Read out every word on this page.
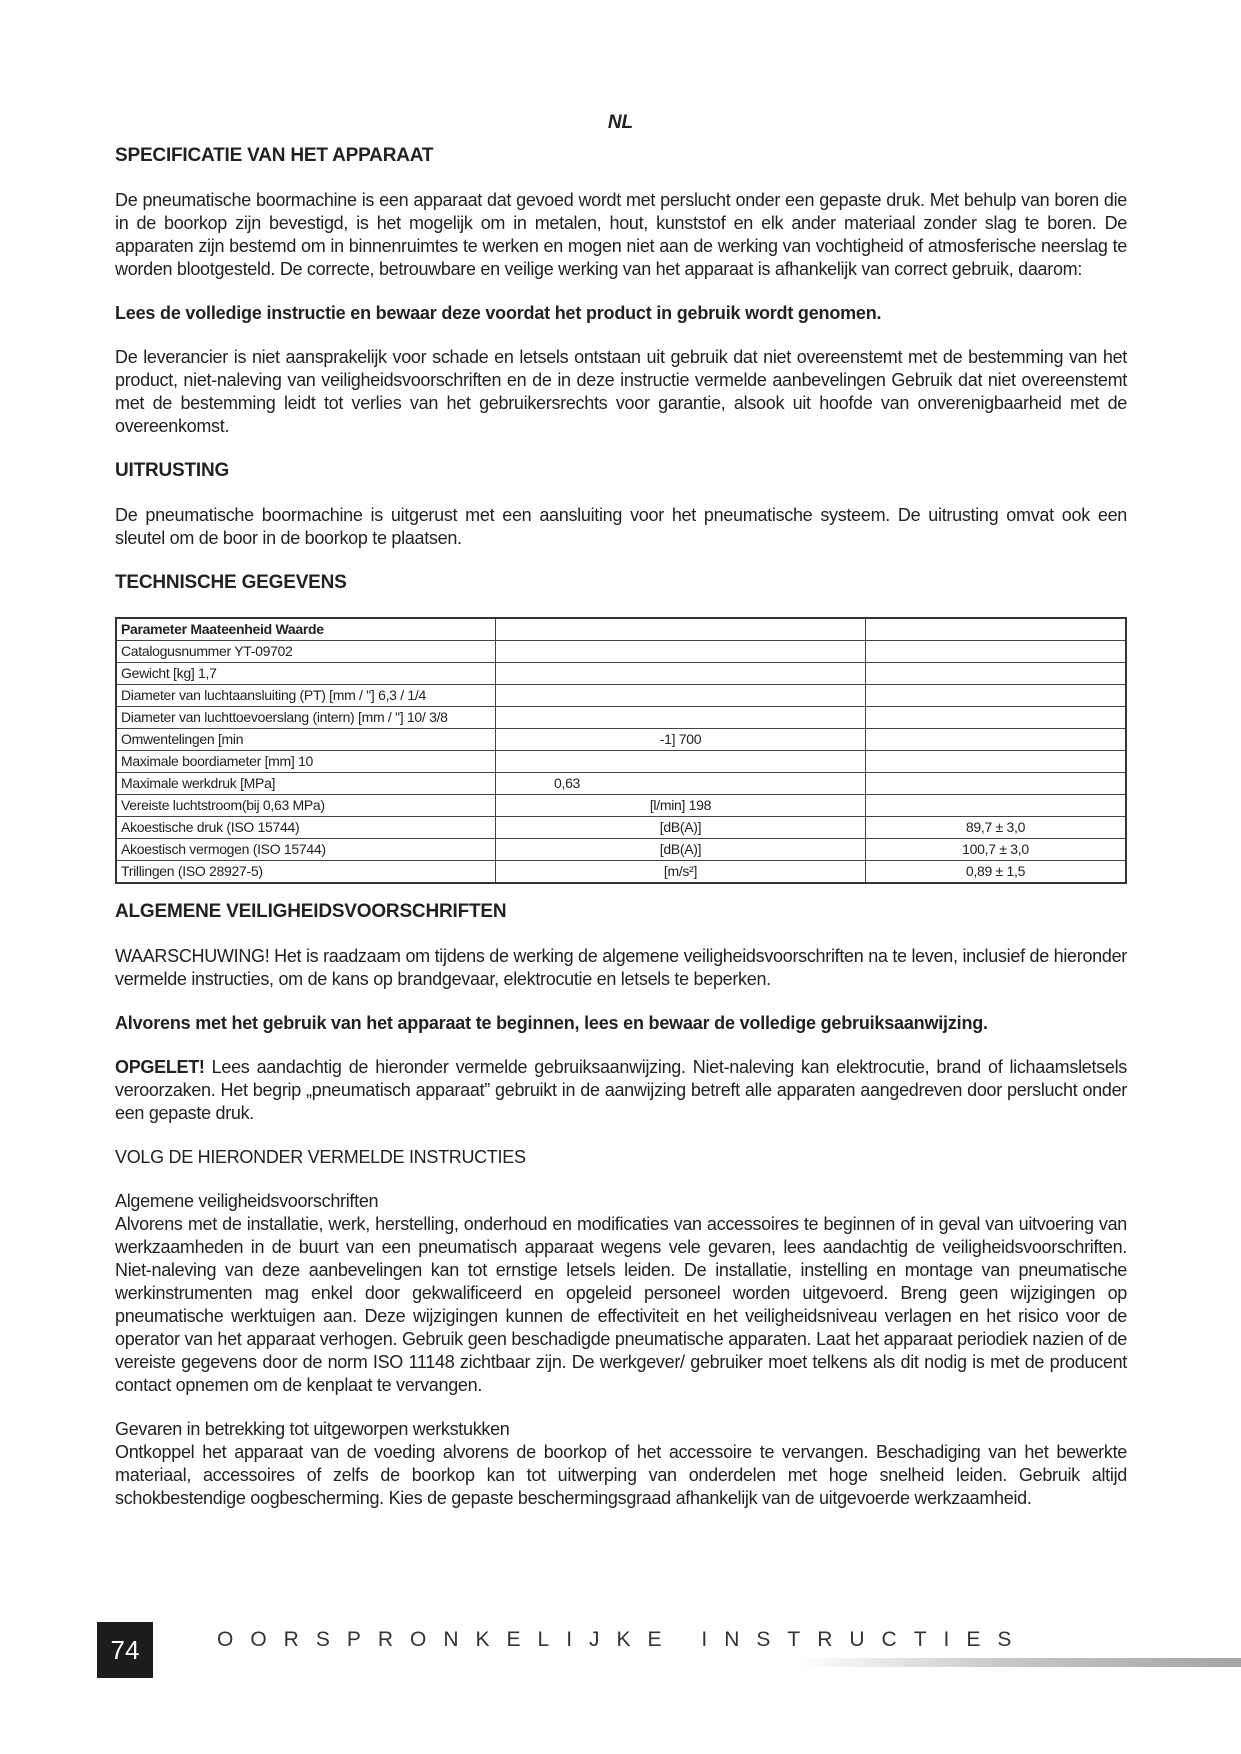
NL
SPECIFICATIE VAN HET APPARAAT

De pneumatische boormachine is een apparaat dat gevoed wordt met perslucht onder een gepaste druk. Met behulp van boren die in de boorkop zijn bevestigd, is het mogelijk om in metalen, hout, kunststof en elk ander materiaal zonder slag te boren. De apparaten zijn bestemd om in binnenruimtes te werken en mogen niet aan de werking van vochtigheid of atmosferische neerslag te worden blootgesteld. De correcte, betrouwbare en veilige werking van het apparaat is afhankelijk van correct gebruik, daarom:

Lees de volledige instructie en bewaar deze voordat het product in gebruik wordt genomen.

De leverancier is niet aansprakelijk voor schade en letsels ontstaan uit gebruik dat niet overeenstemt met de bestemming van het product, niet-naleving van veiligheidsvoorschriften en de in deze instructie vermelde aanbevelingen Gebruik dat niet overeenstemt met de bestemming leidt tot verlies van het gebruikersrechts voor garantie, alsook uit hoofde van onverenigbaarheid met de overeenkomst.

UITRUSTING

De pneumatische boormachine is uitgerust met een aansluiting voor het pneumatische systeem. De uitrusting omvat ook een sleutel om de boor in de boorkop te plaatsen.

TECHNISCHE GEGEVENS
Parameter Maateenheid Waarde		
Catalogusnummer YT-09702		
Gewicht [kg] 1,7		
Diameter van luchtaansluiting (PT) [mm / "] 6,3 / 1/4		
Diameter van luchttoevoerslang (intern) [mm / "] 10/ 3/8		
Omwentelingen [min	-1] 700	
Maximale boordiameter [mm] 10		
Maximale werkdruk [MPa]	0,63	
Vereiste luchtstroom(bij 0,63 MPa)	[l/min] 198	
Akoestische druk (ISO 15744)	[dB(A)]	89,7 ± 3,0
Akoestisch vermogen (ISO 15744)	[dB(A)]	100,7 ± 3,0
Trillingen (ISO 28927-5)	[m/s²]	0,89 ± 1,5
ALGEMENE VEILIGHEIDSVOORSCHRIFTEN

WAARSCHUWING! Het is raadzaam om tijdens de werking de algemene veiligheidsvoorschriften na te leven, inclusief de hieronder vermelde instructies, om de kans op brandgevaar, elektrocutie en letsels te beperken.

Alvorens met het gebruik van het apparaat te beginnen, lees en bewaar de volledige gebruiksaanwijzing.

OPGELET! Lees aandachtig de hieronder vermelde gebruiksaanwijzing. Niet-naleving kan elektrocutie, brand of lichaamsletsels veroorzaken. Het begrip „pneumatisch apparaat” gebruikt in de aanwijzing betreft alle apparaten aangedreven door perslucht onder een gepaste druk.

VOLG DE HIERONDER VERMELDE INSTRUCTIES

Algemene veiligheidsvoorschriften

Alvorens met de installatie, werk, herstelling, onderhoud en modificaties van accessoires te beginnen of in geval van uitvoering van werkzaamheden in de buurt van een pneumatisch apparaat wegens vele gevaren, lees aandachtig de veiligheidsvoorschriften. Niet-naleving van deze aanbevelingen kan tot ernstige letsels leiden. De installatie, instelling en montage van pneumatische werkinstrumenten mag enkel door gekwalificeerd en opgeleid personeel worden uitgevoerd. Breng geen wijzigingen op pneumatische werktuigen aan. Deze wijzigingen kunnen de effectiviteit en het veiligheidsniveau verlagen en het risico voor de operator van het apparaat verhogen. Gebruik geen beschadigde pneumatische apparaten. Laat het apparaat periodiek nazien of de vereiste gegevens door de norm ISO 11148 zichtbaar zijn. De werkgever/ gebruiker moet telkens als dit nodig is met de producent contact opnemen om de kenplaat te vervangen.

Gevaren in betrekking tot uitgeworpen werkstukken

Ontkoppel het apparaat van de voeding alvorens de boorkop of het accessoire te vervangen. Beschadiging van het bewerkte materiaal, accessoires of zelfs de boorkop kan tot uitwerping van onderdelen met hoge snelheid leiden. Gebruik altijd schokbestendige oogbescherming. Kies de gepaste beschermingsgraad afhankelijk van de uitgevoerde werkzaamheid.

74	OORSPRONKELIJKE INSTRUCTIES
